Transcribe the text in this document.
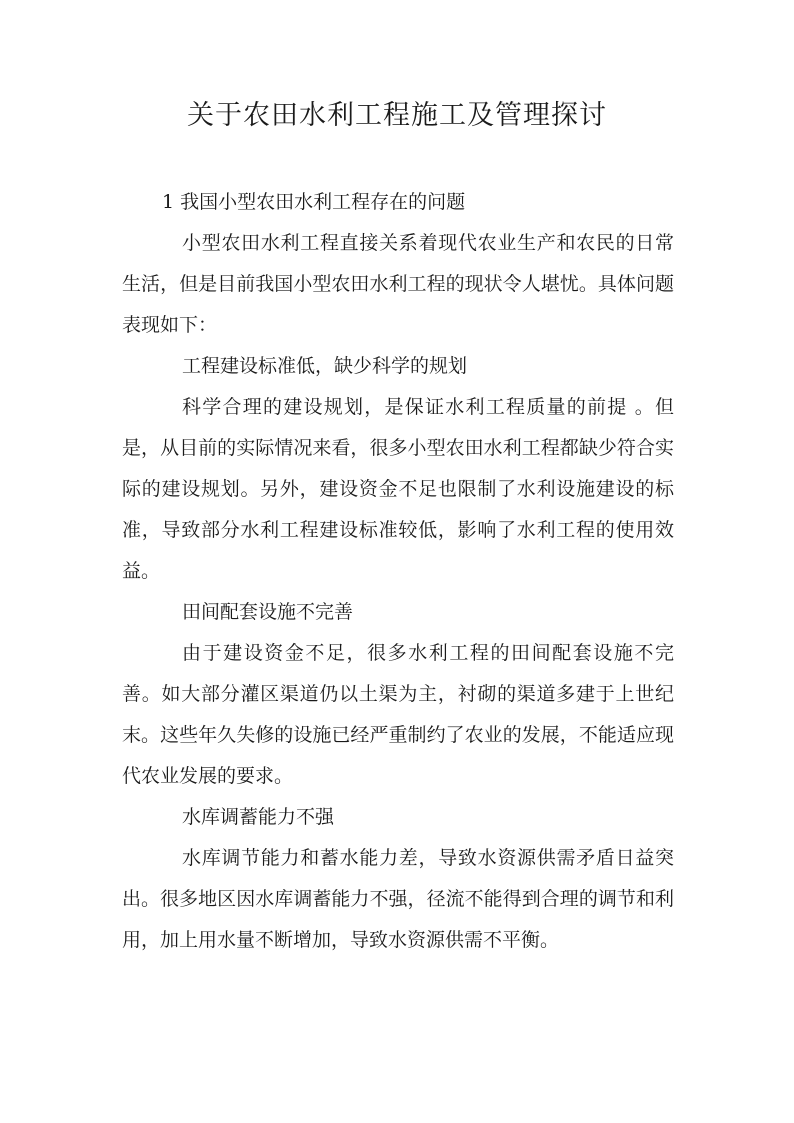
关于农田水利工程施工及管理探讨

1 我国小型农田水利工程存在的问题

小型农田水利工程直接关系着现代农业生产和农民的日常生活，但是目前我国小型农田水利工程的现状令人堪忧。具体问题表现如下：

工程建设标准低，缺少科学的规划

科学合理的建设规划，是保证水利工程质量的前提 。但是，从目前的实际情况来看，很多小型农田水利工程都缺少符合实际的建设规划。另外，建设资金不足也限制了水利设施建设的标准，导致部分水利工程建设标准较低，影响了水利工程的使用效益。

田间配套设施不完善

由于建设资金不足，很多水利工程的田间配套设施不完善。如大部分灌区渠道仍以土渠为主，衬砌的渠道多建于上世纪末。这些年久失修的设施已经严重制约了农业的发展，不能适应现代农业发展的要求。

水库调蓄能力不强

水库调节能力和蓄水能力差，导致水资源供需矛盾日益突出。很多地区因水库调蓄能力不强，径流不能得到合理的调节和利用，加上用水量不断增加，导致水资源供需不平衡。
